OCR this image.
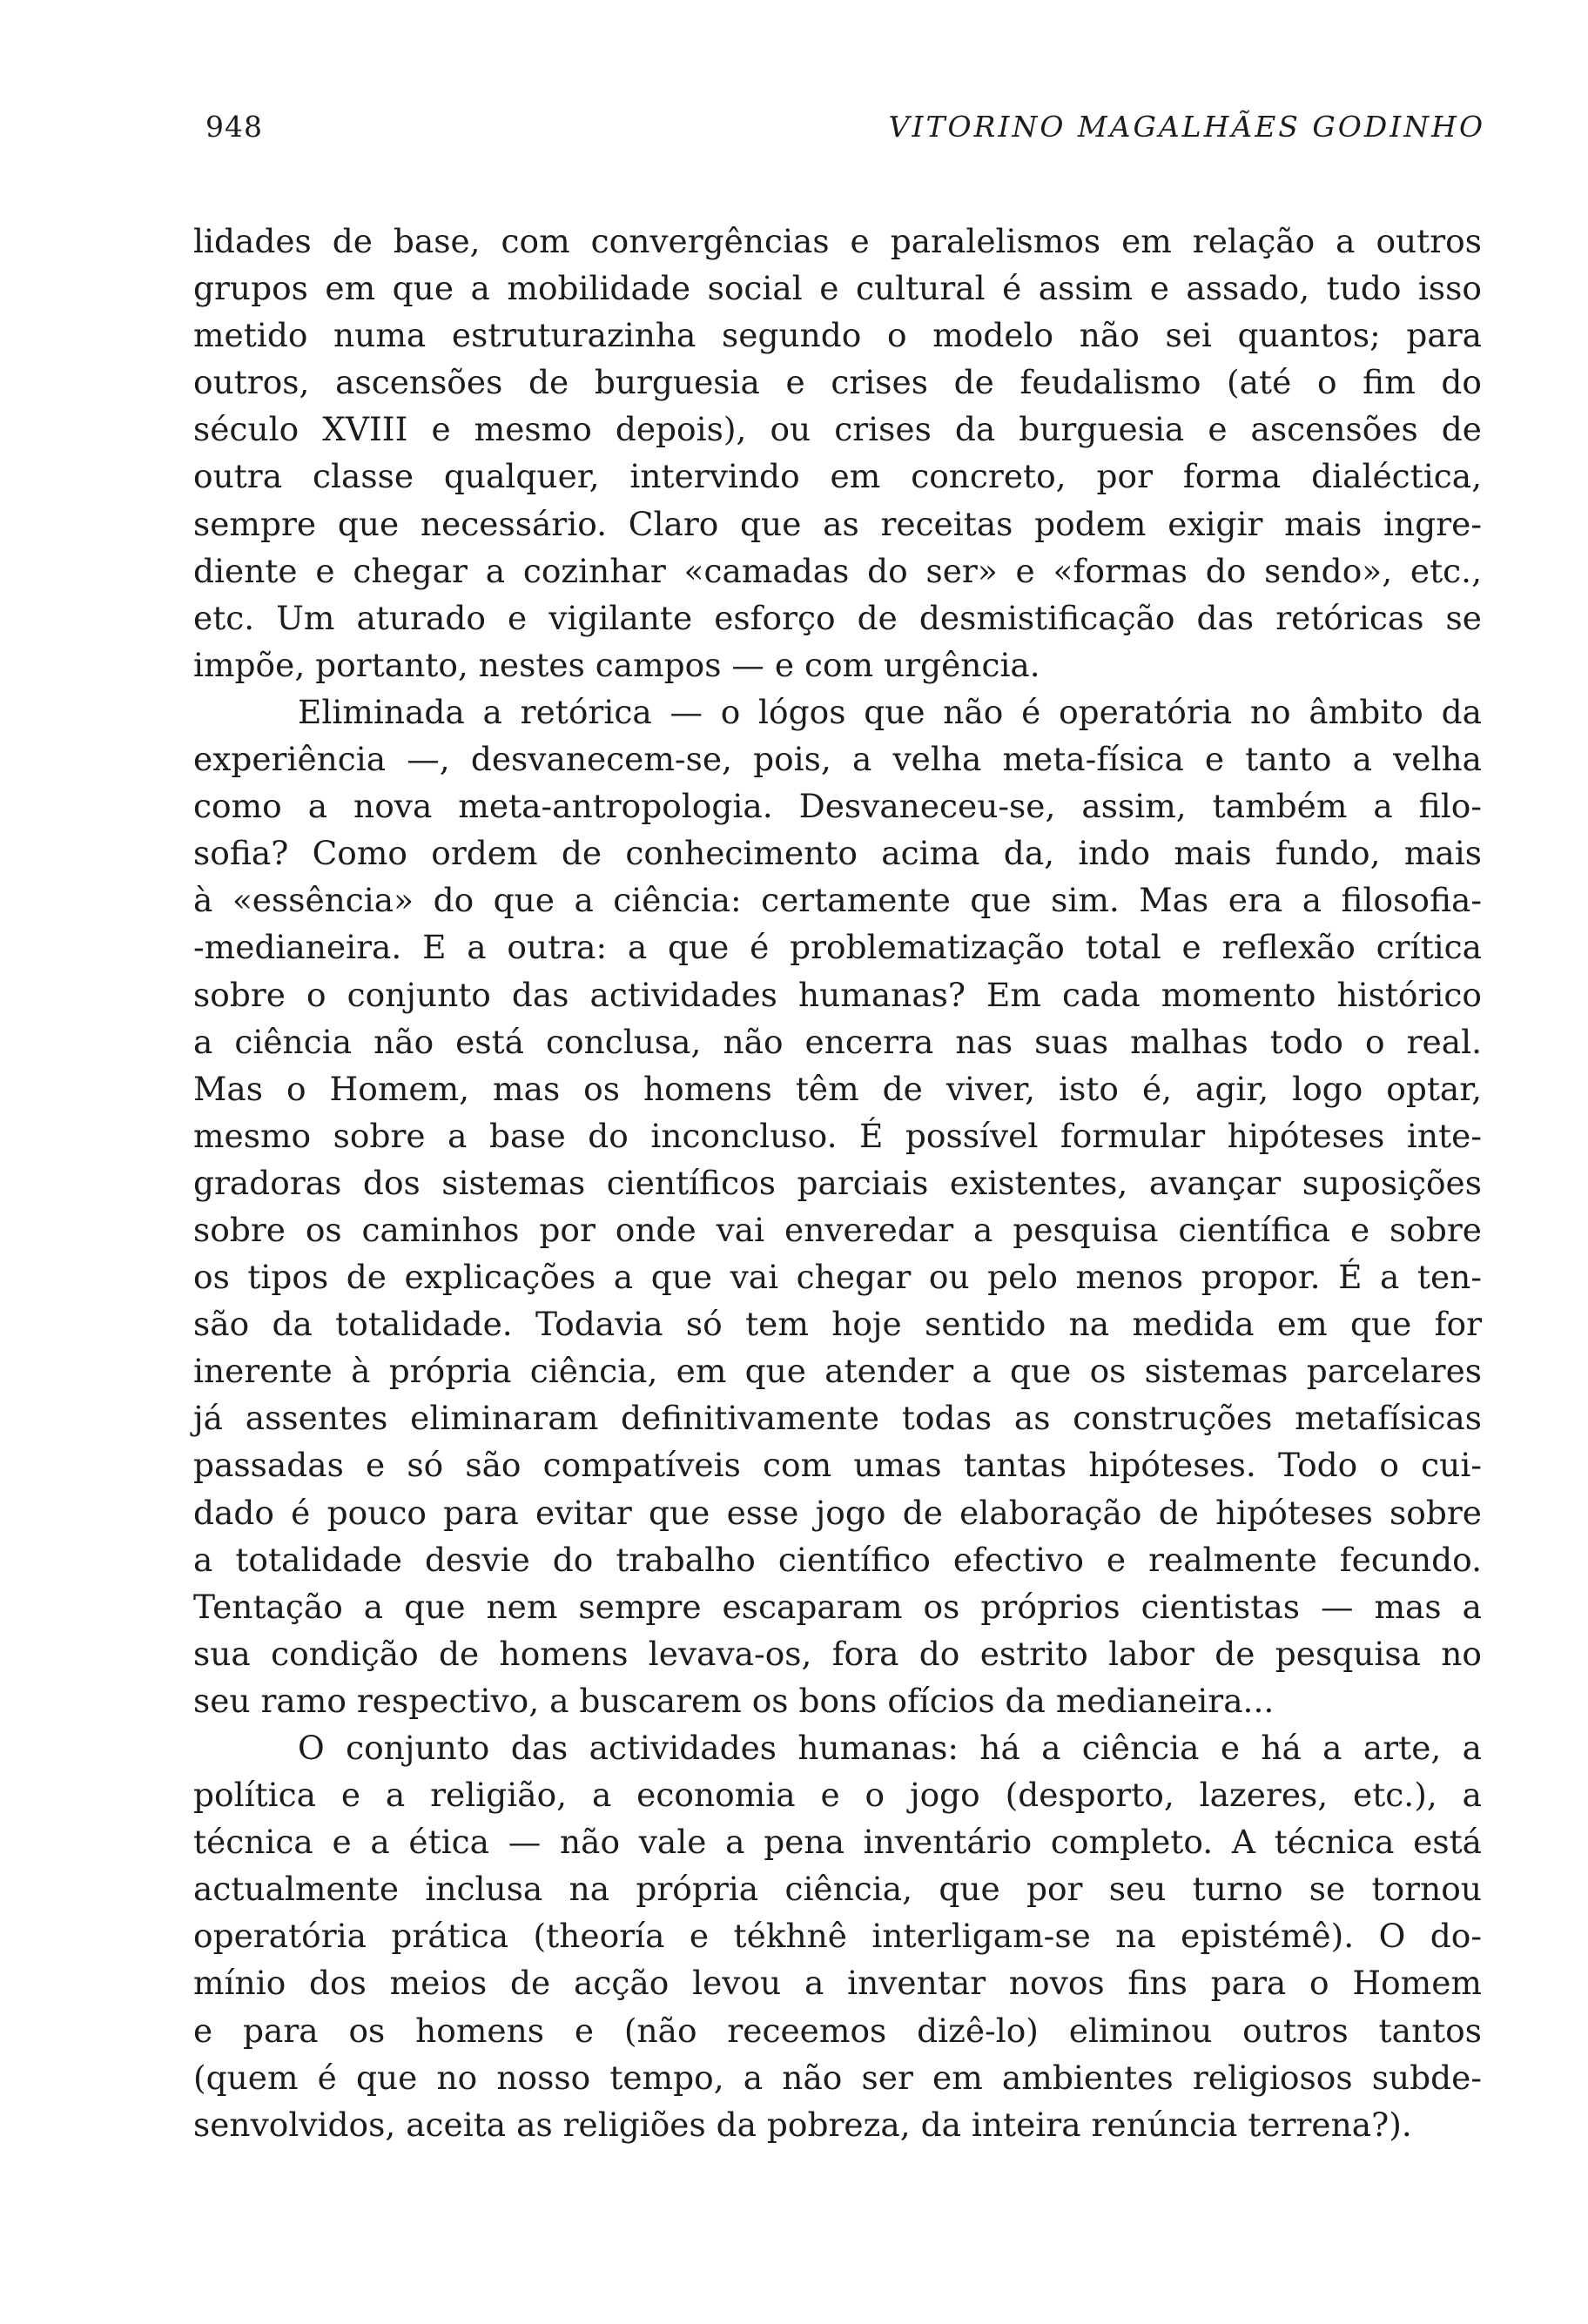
948	VITORINO MAGALHÃES GODINHO
lidades de base, com convergências e paralelismos em relação a outros
grupos em que a mobilidade social e cultural é assim e assado, tudo isso
metido numa estruturazinha segundo o modelo não sei quantos; para
outros, ascensões de burguesia e crises de feudalismo (até o fim do
século XVIII e mesmo depois), ou crises da burguesia e ascensões de
outra classe qualquer, intervindo em concreto, por forma dialéctica,
sempre que necessário. Claro que as receitas podem exigir mais ingre-
diente e chegar a cozinhar «camadas do ser» e «formas do sendo», etc.,
etc. Um aturado e vigilante esforço de desmistificação das retóricas se
impõe, portanto, nestes campos — e com urgência.
Eliminada a retórica — o lógos que não é operatória no âmbito da
experiência —, desvanecem-se, pois, a velha meta-física e tanto a velha
como a nova meta-antropologia. Desvaneceu-se, assim, também a filo-
sofia? Como ordem de conhecimento acima da, indo mais fundo, mais
à «essência» do que a ciência: certamente que sim. Mas era a filosofia-
-medianeira. E a outra: a que é problematização total e reflexão crítica
sobre o conjunto das actividades humanas? Em cada momento histórico
a ciência não está conclusa, não encerra nas suas malhas todo o real.
Mas o Homem, mas os homens têm de viver, isto é, agir, logo optar,
mesmo sobre a base do inconcluso. É possível formular hipóteses inte-
gradoras dos sistemas científicos parciais existentes, avançar suposições
sobre os caminhos por onde vai enveredar a pesquisa científica e sobre
os tipos de explicações a que vai chegar ou pelo menos propor. É a ten-
são da totalidade. Todavia só tem hoje sentido na medida em que for
inerente à própria ciência, em que atender a que os sistemas parcelares
já assentes eliminaram definitivamente todas as construções metafísicas
passadas e só são compatíveis com umas tantas hipóteses. Todo o cui-
dado é pouco para evitar que esse jogo de elaboração de hipóteses sobre
a totalidade desvie do trabalho científico efectivo e realmente fecundo.
Tentação a que nem sempre escaparam os próprios cientistas — mas a
sua condição de homens levava-os, fora do estrito labor de pesquisa no
seu ramo respectivo, a buscarem os bons ofícios da medianeira...
O conjunto das actividades humanas: há a ciência e há a arte, a
política e a religião, a economia e o jogo (desporto, lazeres, etc.), a
técnica e a ética — não vale a pena inventário completo. A técnica está
actualmente inclusa na própria ciência, que por seu turno se tornou
operatória prática (theoría e tékhnê interligam-se na epistémê). O do-
mínio dos meios de acção levou a inventar novos fins para o Homem
e para os homens e (não receemos dizê-lo) eliminou outros tantos
(quem é que no nosso tempo, a não ser em ambientes religiosos subde-
senvolvidos, aceita as religiões da pobreza, da inteira renúncia terrena?).
